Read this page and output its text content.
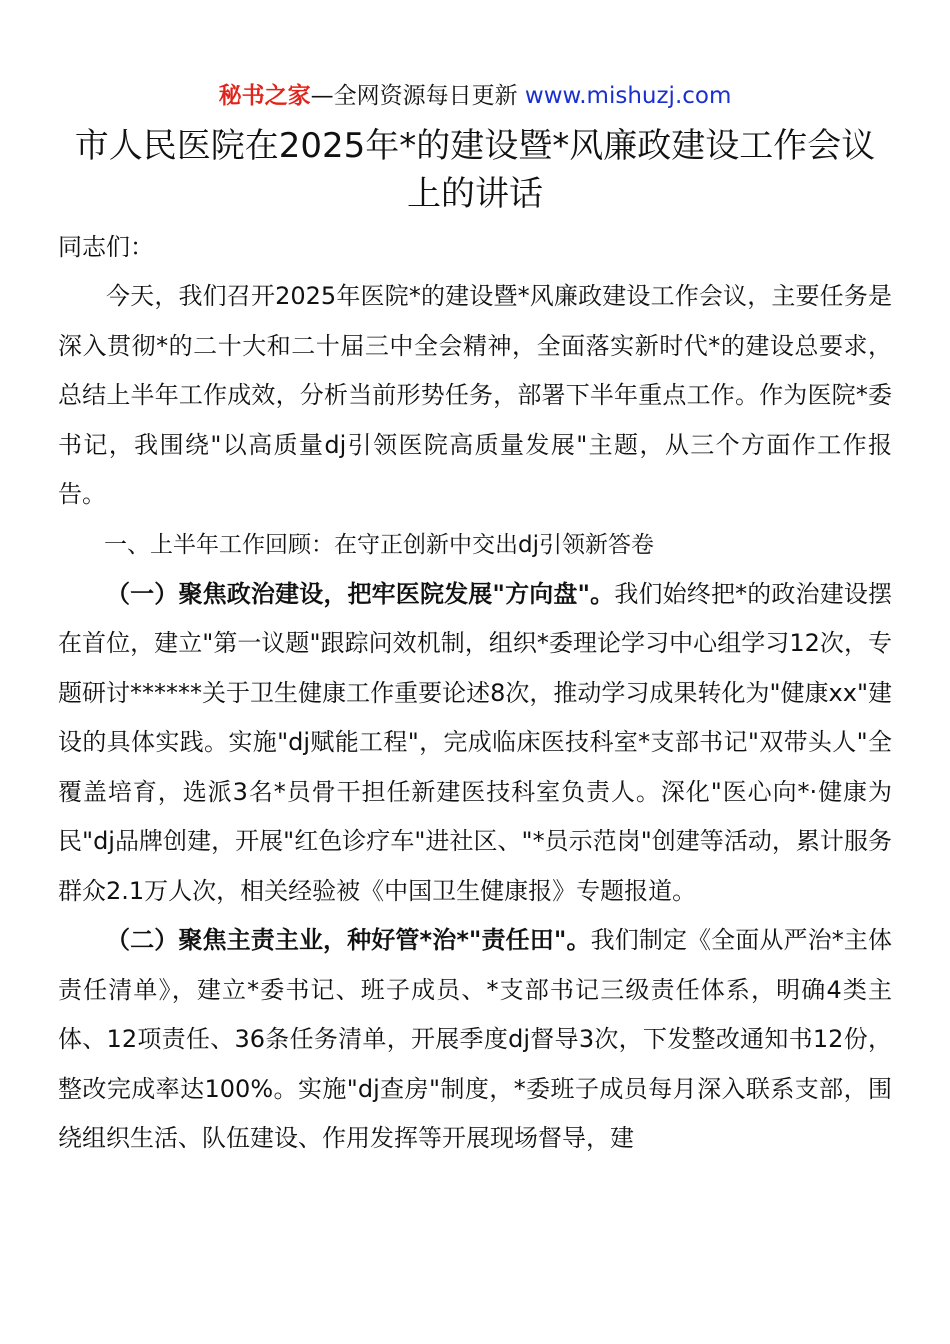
秘书之家—全网资源每日更新 www.mishuzj.com
市人民医院在2025年*的建设暨*风廉政建设工作会议上的讲话

同志们：

今天，我们召开2025年医院*的建设暨*风廉政建设工作会议，主要任务是深入贯彻*的二十大和二十届三中全会精神，全面落实新时代*的建设总要求，总结上半年工作成效，分析当前形势任务，部署下半年重点工作。作为医院*委书记，我围绕"以高质量dj引领医院高质量发展"主题，从三个方面作工作报告。

一、上半年工作回顾：在守正创新中交出dj引领新答卷

（一）聚焦政治建设，把牢医院发展"方向盘"。我们始终把*的政治建设摆在首位，建立"第一议题"跟踪问效机制，组织*委理论学习中心组学习12次，专题研讨******关于卫生健康工作重要论述8次，推动学习成果转化为"健康xx"建设的具体实践。实施"dj赋能工程"，完成临床医技科室*支部书记"双带头人"全覆盖培育，选派3名*员骨干担任新建医技科室负责人。深化"医心向*·健康为民"dj品牌创建，开展"红色诊疗车"进社区、"*员示范岗"创建等活动，累计服务群众2.1万人次，相关经验被《中国卫生健康报》专题报道。

（二）聚焦主责主业，种好管*治*"责任田"。我们制定《全面从严治*主体责任清单》，建立*委书记、班子成员、*支部书记三级责任体系，明确4类主体、12项责任、36条任务清单，开展季度dj督导3次，下发整改通知书12份，整改完成率达100%。实施"dj查房"制度，*委班子成员每月深入联系支部，围绕组织生活、队伍建设、作用发挥等开展现场督导，建
